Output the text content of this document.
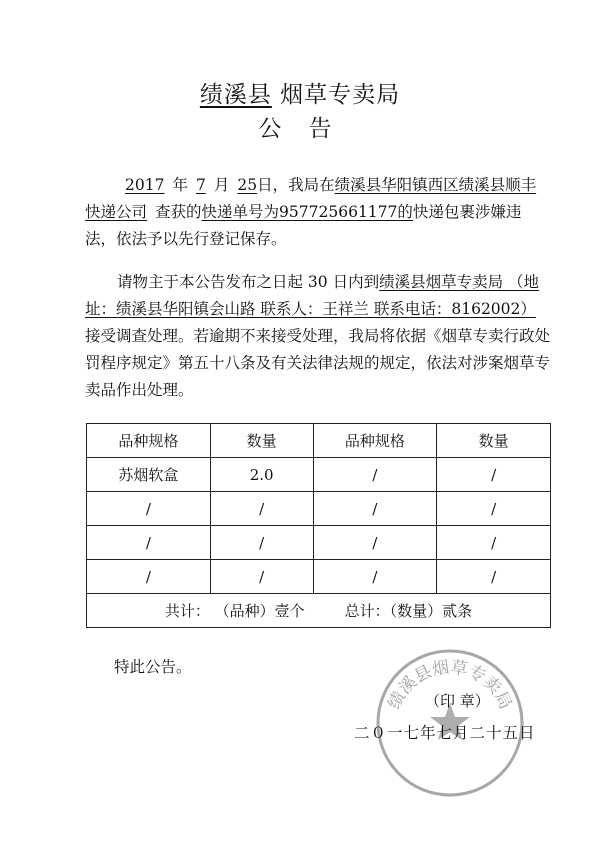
绩溪县 烟草专卖局
公 告

2017 年 7 月 25日，我局在绩溪县华阳镇西区绩溪县顺丰快递公司 查获的快递单号为957725661177的快递包裹涉嫌违法，依法予以先行登记保存。

请物主于本公告发布之日起 30 日内到绩溪县烟草专卖局 （地址：绩溪县华阳镇会山路 联系人：王祥兰 联系电话：8162002） 接受调查处理。若逾期不来接受处理，我局将依据《烟草专卖行政处罚程序规定》第五十八条及有关法律法规的规定，依法对涉案烟草专卖品作出处理。

品种规格	数量	品种规格	数量
苏烟软盒	2.0	/	/
/	/	/	/
/	/	/	/
/	/	/	/
共计： （品种）壹个 总计：（数量）贰条			
特此公告。
绩溪县烟草专卖局
（印 章）
二０一七年七月二十五日
